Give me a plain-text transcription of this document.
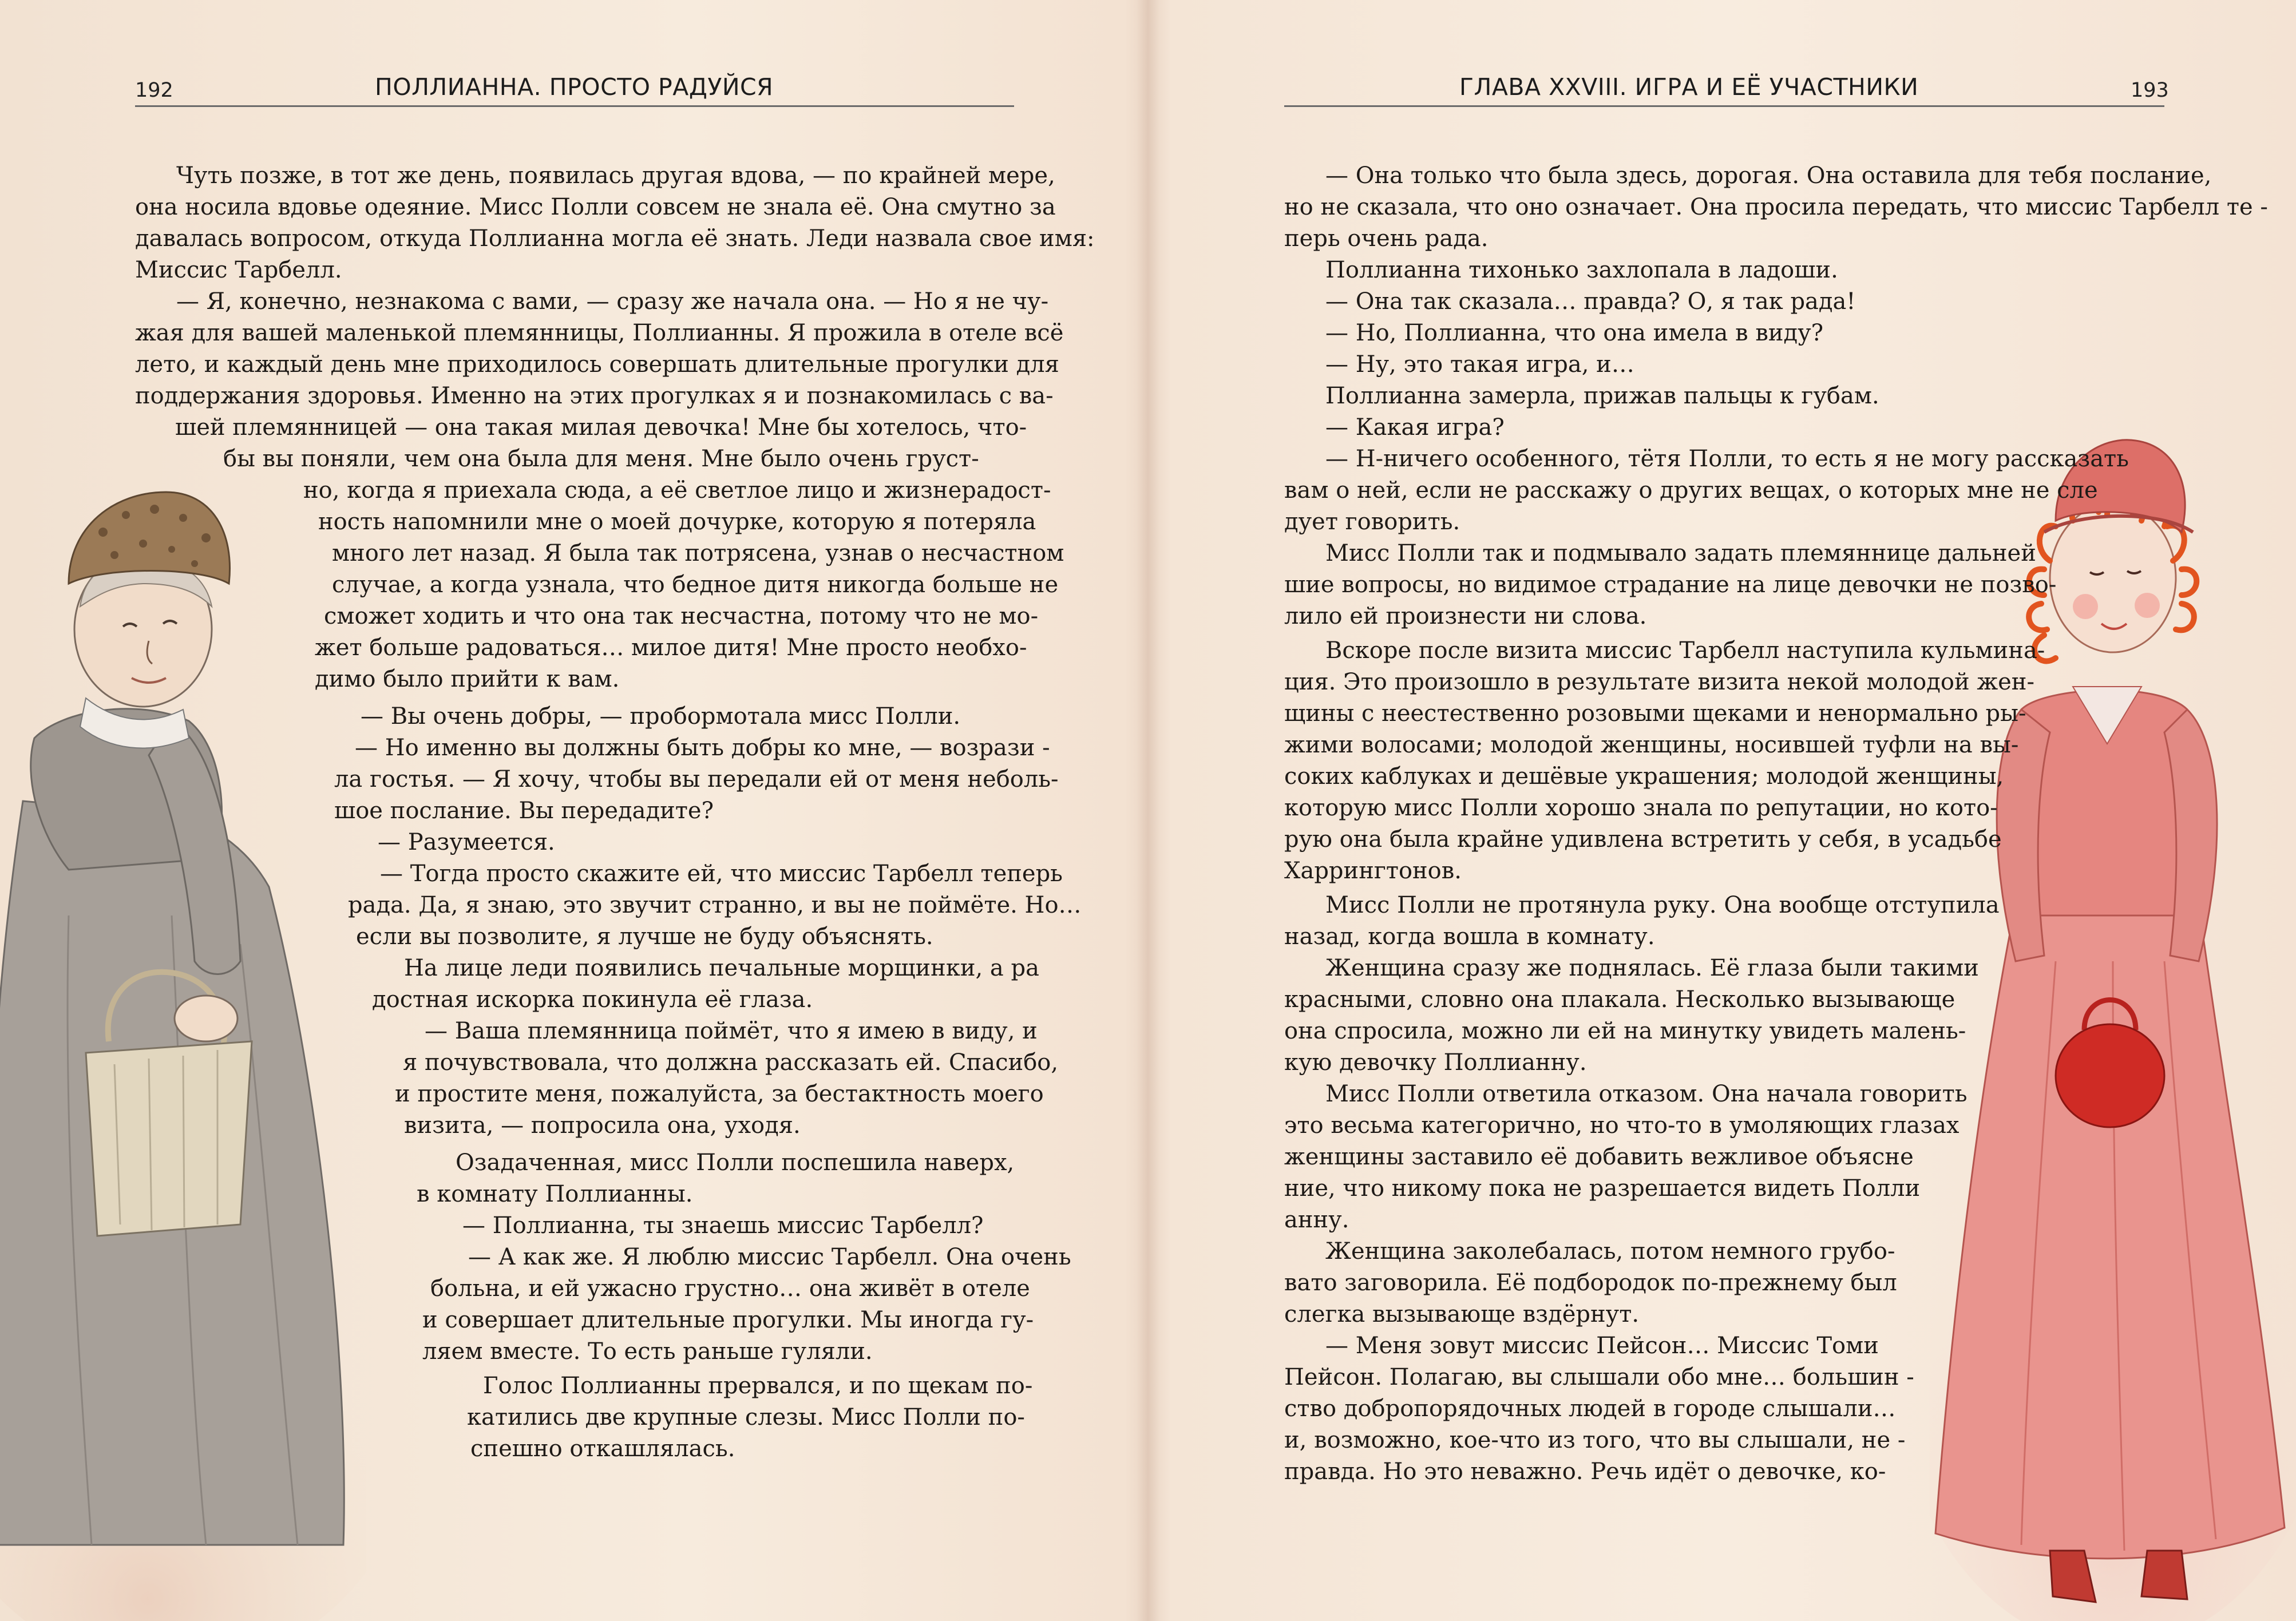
192	ПОЛЛИАННА. ПРОСТО РАДУЙСЯ
Чуть позже, в тот же день, появилась другая вдова, — по крайней мере,
она носила вдовье одеяние. Мисс Полли совсем не знала её. Она смутно за
давалась вопросом, откуда Поллианна могла её знать. Леди назвала свое имя:
Миссис Тарбелл.
— Я, конечно, незнакома с вами, — сразу же начала она. — Но я не чу-
жая для вашей маленькой племянницы, Поллианны. Я прожила в отеле всё
лето, и каждый день мне приходилось совершать длительные прогулки для
поддержания здоровья. Именно на этих прогулках я и познакомилась с ва-
шей племянницей — она такая милая девочка! Мне бы хотелось, что-
бы вы поняли, чем она была для меня. Мне было очень груст-
но, когда я приехала сюда, а её светлое лицо и жизнерадост-
ность напомнили мне о моей дочурке, которую я потеряла
много лет назад. Я была так потрясена, узнав о несчастном
случае, а когда узнала, что бедное дитя никогда больше не
сможет ходить и что она так несчастна, потому что не мо-
жет больше радоваться… милое дитя! Мне просто необхо-
димо было прийти к вам.
— Вы очень добры, — пробормотала мисс Полли.
— Но именно вы должны быть добры ко мне, — возрази -
ла гостья. — Я хочу, чтобы вы передали ей от меня неболь-
шое послание. Вы передадите?
— Разумеется.
— Тогда просто скажите ей, что миссис Тарбелл теперь
рада. Да, я знаю, это звучит странно, и вы не поймёте. Но…
если вы позволите, я лучше не буду объяснять.
На лице леди появились печальные морщинки, а ра
достная искорка покинула её глаза.
— Ваша племянница поймёт, что я имею в виду, и
я почувствовала, что должна рассказать ей. Спасибо,
и простите меня, пожалуйста, за бестактность моего
визита, — попросила она, уходя.
Озадаченная, мисс Полли поспешила наверх,
в комнату Поллианны.
— Поллианна, ты знаешь миссис Тарбелл?
— А как же. Я люблю миссис Тарбелл. Она очень
больна, и ей ужасно грустно… она живёт в отеле
и совершает длительные прогулки. Мы иногда гу-
ляем вместе. То есть раньше гуляли.
Голос Поллианны прервался, и по щекам по-
катились две крупные слезы. Мисс Полли по-
спешно откашлялась.
ГЛАВА XXVIII. ИГРА И ЕЁ УЧАСТНИКИ	193
— Она только что была здесь, дорогая. Она оставила для тебя послание,
но не сказала, что оно означает. Она просила передать, что миссис Тарбелл те -
перь очень рада.
Поллианна тихонько захлопала в ладоши.
— Она так сказала… правда? О, я так рада!
— Но, Поллианна, что она имела в виду?
— Ну, это такая игра, и…
Поллианна замерла, прижав пальцы к губам.
— Какая игра?
— Н-ничего особенного, тётя Полли, то есть я не могу рассказать
вам о ней, если не расскажу о других вещах, о которых мне не сле
дует говорить.
Мисс Полли так и подмывало задать племяннице дальней
шие вопросы, но видимое страдание на лице девочки не позво-
лило ей произнести ни слова.
Вскоре после визита миссис Тарбелл наступила кульмина-
ция. Это произошло в результате визита некой молодой жен-
щины с неестественно розовыми щеками и ненормально ры-
жими волосами; молодой женщины, носившей туфли на вы-
соких каблуках и дешёвые украшения; молодой женщины,
которую мисс Полли хорошо знала по репутации, но кото-
рую она была крайне удивлена встретить у себя, в усадьбе
Харрингтонов.
Мисс Полли не протянула руку. Она вообще отступила
назад, когда вошла в комнату.
Женщина сразу же поднялась. Её глаза были такими
красными, словно она плакала. Несколько вызывающе
она спросила, можно ли ей на минутку увидеть малень-
кую девочку Поллианну.
Мисс Полли ответила отказом. Она начала говорить
это весьма категорично, но что-то в умоляющих глазах
женщины заставило её добавить вежливое объясне
ние, что никому пока не разрешается видеть Полли
анну.
Женщина заколебалась, потом немного грубо-
вато заговорила. Её подбородок по-прежнему был
слегка вызывающе вздёрнут.
— Меня зовут миссис Пейсон… Миссис Томи
Пейсон. Полагаю, вы слышали обо мне… большин -
ство добропорядочных людей в городе слышали…
и, возможно, кое-что из того, что вы слышали, не -
правда. Но это неважно. Речь идёт о девочке, ко-
